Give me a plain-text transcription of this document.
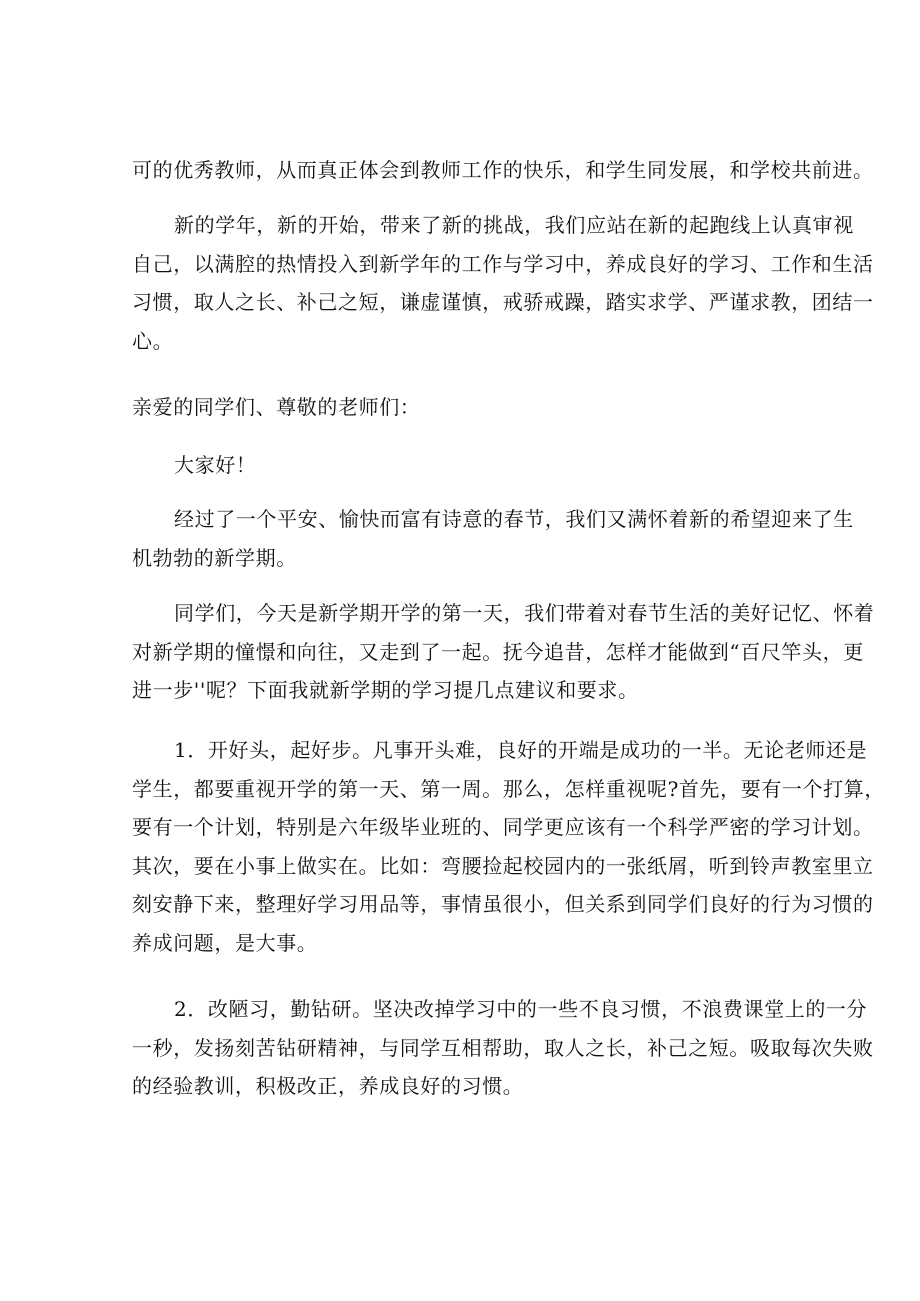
可的优秀教师，从而真正体会到教师工作的快乐，和学生同发展，和学校共前进。

新的学年，新的开始，带来了新的挑战，我们应站在新的起跑线上认真审视
自己，以满腔的热情投入到新学年的工作与学习中，养成良好的学习、工作和生活
习惯，取人之长、补己之短，谦虚谨慎，戒骄戒躁，踏实求学、严谨求教，团结一
心。

亲爱的同学们、尊敬的老师们：

大家好！

经过了一个平安、愉快而富有诗意的春节，我们又满怀着新的希望迎来了生
机勃勃的新学期。

同学们，今天是新学期开学的第一天，我们带着对春节生活的美好记忆、怀着
对新学期的憧憬和向往，又走到了一起。抚今追昔，怎样才能做到“百尺竿头，更
进一步''呢？下面我就新学期的学习提几点建议和要求。

1．开好头，起好步。凡事开头难，良好的开端是成功的一半。无论老师还是
学生，都要重视开学的第一天、第一周。那么，怎样重视呢?首先，要有一个打算，
要有一个计划，特别是六年级毕业班的、同学更应该有一个科学严密的学习计划。
其次，要在小事上做实在。比如：弯腰捡起校园内的一张纸屑，听到铃声教室里立
刻安静下来，整理好学习用品等，事情虽很小，但关系到同学们良好的行为习惯的
养成问题，是大事。

2．改陋习，勤钻研。坚决改掉学习中的一些不良习惯，不浪费课堂上的一分
一秒，发扬刻苦钻研精神，与同学互相帮助，取人之长，补己之短。吸取每次失败
的经验教训，积极改正，养成良好的习惯。
